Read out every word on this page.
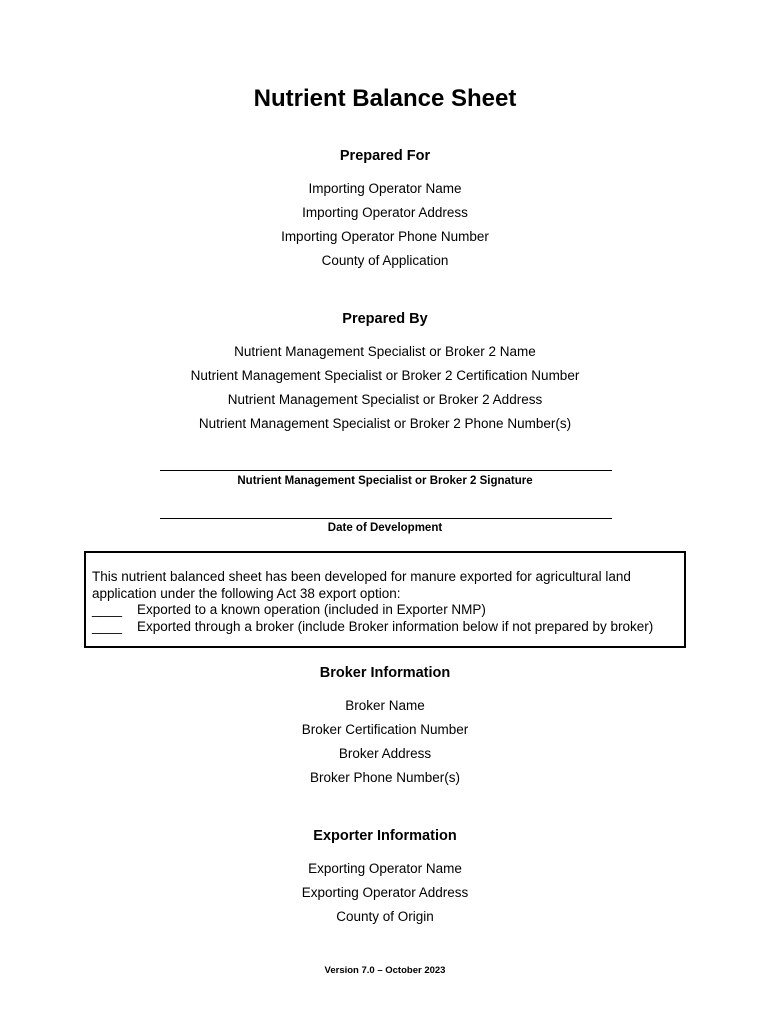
Nutrient Balance Sheet
Prepared For
Importing Operator Name
Importing Operator Address
Importing Operator Phone Number
County of Application
Prepared By
Nutrient Management Specialist or Broker 2 Name
Nutrient Management Specialist or Broker 2 Certification Number
Nutrient Management Specialist or Broker 2 Address
Nutrient Management Specialist or Broker 2 Phone Number(s)
Nutrient Management Specialist or Broker 2 Signature
Date of Development
This nutrient balanced sheet has been developed for manure exported for agricultural land application under the following Act 38 export option:
____	Exported to a known operation (included in Exporter NMP)
____	Exported through a broker (include Broker information below if not prepared by broker)
Broker Information
Broker Name
Broker Certification Number
Broker Address
Broker Phone Number(s)
Exporter Information
Exporting Operator Name
Exporting Operator Address
County of Origin
Version 7.0 – October 2023
